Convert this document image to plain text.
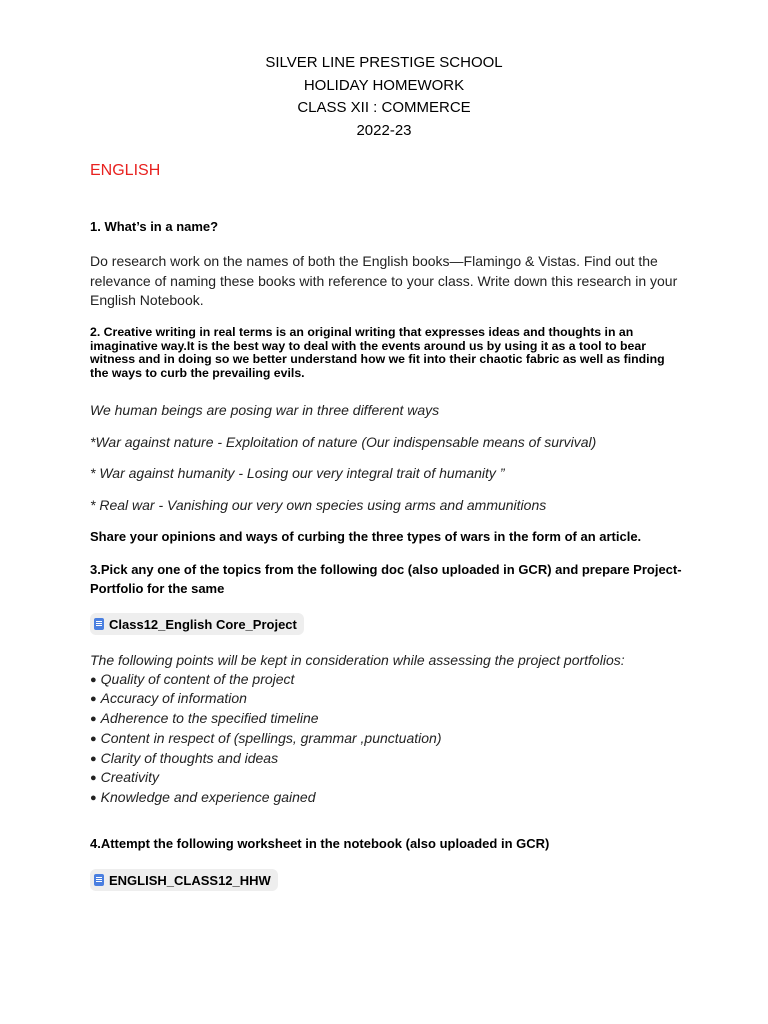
SILVER LINE PRESTIGE SCHOOL
HOLIDAY HOMEWORK
CLASS XII : COMMERCE
2022-23
ENGLISH
1. What’s in a name?
Do research work on the names of both the English books—Flamingo & Vistas. Find out the relevance of naming these books with reference to your class. Write down this research in your English Notebook.
2. Creative writing in real terms is an original writing that expresses ideas and thoughts in an imaginative way.It is the best way to deal with the events around us by using it as a tool to bear witness and in doing so we better understand how we fit into their chaotic fabric as well as finding the ways to curb the prevailing evils.
We human beings are posing war in three different ways
*War against nature - Exploitation of nature (Our indispensable means of survival)
* War against humanity - Losing our very integral trait of humanity ”
* Real war - Vanishing our very own species using arms and ammunitions
Share your opinions and ways of curbing the three types of wars in the form of an article.
3.Pick any one of the topics from the following doc (also uploaded in GCR) and prepare Project-Portfolio for the same
Class12_English Core_Project
The following points will be kept in consideration while assessing the project portfolios:
● Quality of content of the project
● Accuracy of information
● Adherence to the specified timeline
● Content in respect of (spellings, grammar ,punctuation)
● Clarity of thoughts and ideas
● Creativity
● Knowledge and experience gained
4.Attempt the following worksheet in the notebook (also uploaded in GCR)
ENGLISH_CLASS12_HHW
